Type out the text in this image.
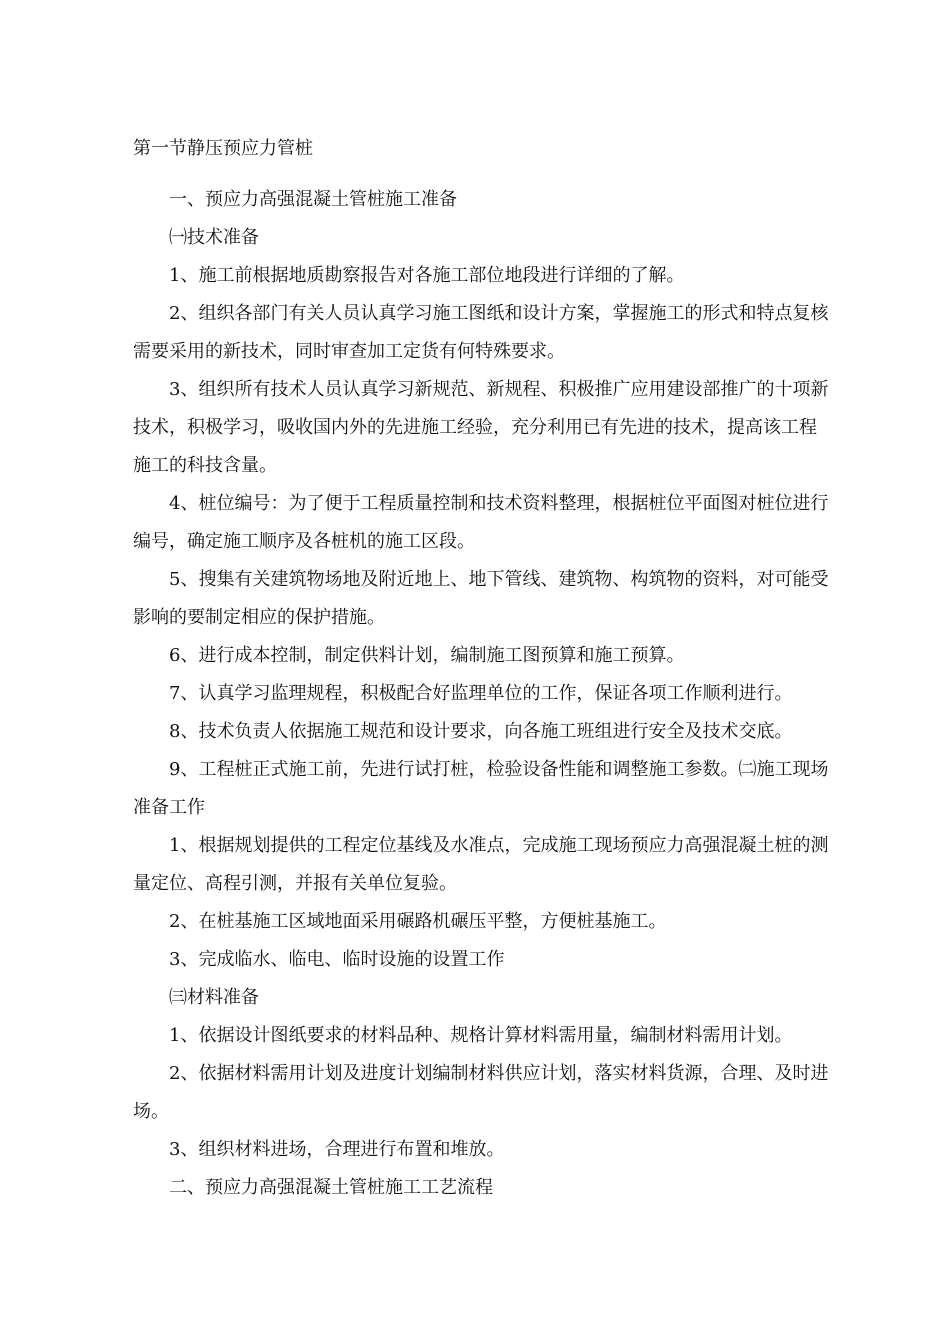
第一节静压预应力管桩
一、预应力高强混凝土管桩施工准备
㈠技术准备
1、施工前根据地质勘察报告对各施工部位地段进行详细的了解。
2、组织各部门有关人员认真学习施工图纸和设计方案，掌握施工的形式和特点复核需要采用的新技术，同时审查加工定货有何特殊要求。
3、组织所有技术人员认真学习新规范、新规程、积极推广应用建设部推广的十项新技术，积极学习，吸收国内外的先进施工经验，充分利用已有先进的技术，提高该工程施工的科技含量。
4、桩位编号：为了便于工程质量控制和技术资料整理，根据桩位平面图对桩位进行编号，确定施工顺序及各桩机的施工区段。
5、搜集有关建筑物场地及附近地上、地下管线、建筑物、构筑物的资料，对可能受影响的要制定相应的保护措施。
6、进行成本控制，制定供料计划，编制施工图预算和施工预算。
7、认真学习监理规程，积极配合好监理单位的工作，保证各项工作顺利进行。
8、技术负责人依据施工规范和设计要求，向各施工班组进行安全及技术交底。
9、工程桩正式施工前，先进行试打桩，检验设备性能和调整施工参数。㈡施工现场准备工作
1、根据规划提供的工程定位基线及水准点，完成施工现场预应力高强混凝土桩的测量定位、高程引测，并报有关单位复验。
2、在桩基施工区域地面采用碾路机碾压平整，方便桩基施工。
3、完成临水、临电、临时设施的设置工作
㈢材料准备
1、依据设计图纸要求的材料品种、规格计算材料需用量，编制材料需用计划。
2、依据材料需用计划及进度计划编制材料供应计划，落实材料货源，合理、及时进场。
3、组织材料进场，合理进行布置和堆放。
二、预应力高强混凝土管桩施工工艺流程
